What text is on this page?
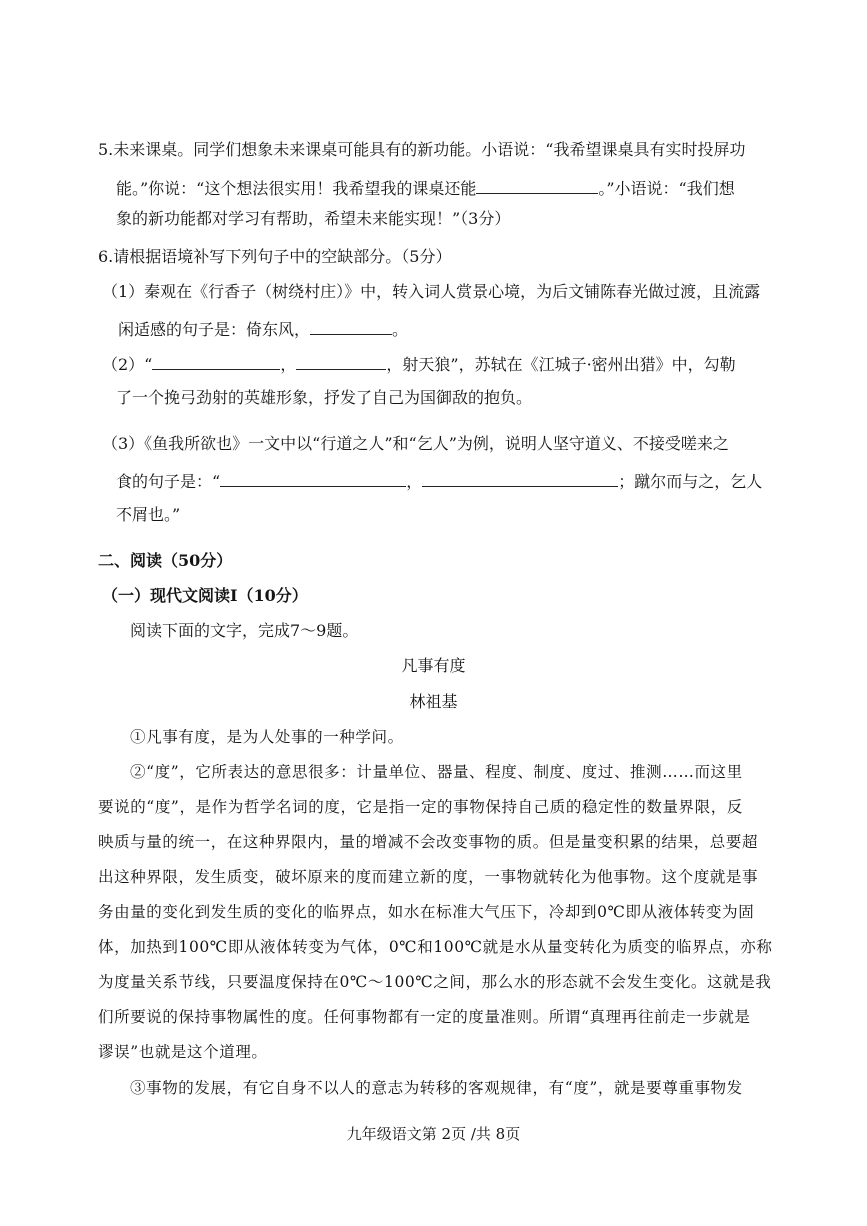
5.未来课桌。同学们想象未来课桌可能具有的新功能。小语说：“我希望课桌具有实时投屏功
能。”你说：“这个想法很实用！我希望我的课桌还能	。”小语说：“我们想
象的新功能都对学习有帮助，希望未来能实现！”（3分）
6.请根据语境补写下列句子中的空缺部分。（5分）
（1）秦观在《行香子（树绕村庄）》中，转入词人赏景心境，为后文铺陈春光做过渡，且流露
闲适感的句子是：倚东风，	。
（2）“	，	，射天狼”，苏轼在《江城子·密州出猎》中，勾勒
了一个挽弓劲射的英雄形象，抒发了自己为国御敌的抱负。
（3）《鱼我所欲也》一文中以“行道之人”和“乞人”为例，说明人坚守道义、不接受嗟来之
食的句子是：“	，	；蹴尔而与之，乞人
不屑也。”
二、阅读（50分）
（一）现代文阅读Ⅰ（10分）
阅读下面的文字，完成7～9题。
凡事有度
林祖基
①凡事有度，是为人处事的一种学问。
②“度”，它所表达的意思很多：计量单位、器量、程度、制度、度过、推测……而这里
要说的“度”，是作为哲学名词的度，它是指一定的事物保持自己质的稳定性的数量界限，反
映质与量的统一，在这种界限内，量的增减不会改变事物的质。但是量变积累的结果，总要超
出这种界限，发生质变，破坏原来的度而建立新的度，一事物就转化为他事物。这个度就是事
务由量的变化到发生质的变化的临界点，如水在标准大气压下，冷却到0℃即从液体转变为固
体，加热到100℃即从液体转变为气体，0℃和100℃就是水从量变转化为质变的临界点，亦称
为度量关系节线，只要温度保持在0℃～100℃之间，那么水的形态就不会发生变化。这就是我
们所要说的保持事物属性的度。任何事物都有一定的度量准则。所谓“真理再往前走一步就是
谬误”也就是这个道理。
③事物的发展，有它自身不以人的意志为转移的客观规律，有“度”，就是要尊重事物发
九年级语文第 2页 /共 8页
